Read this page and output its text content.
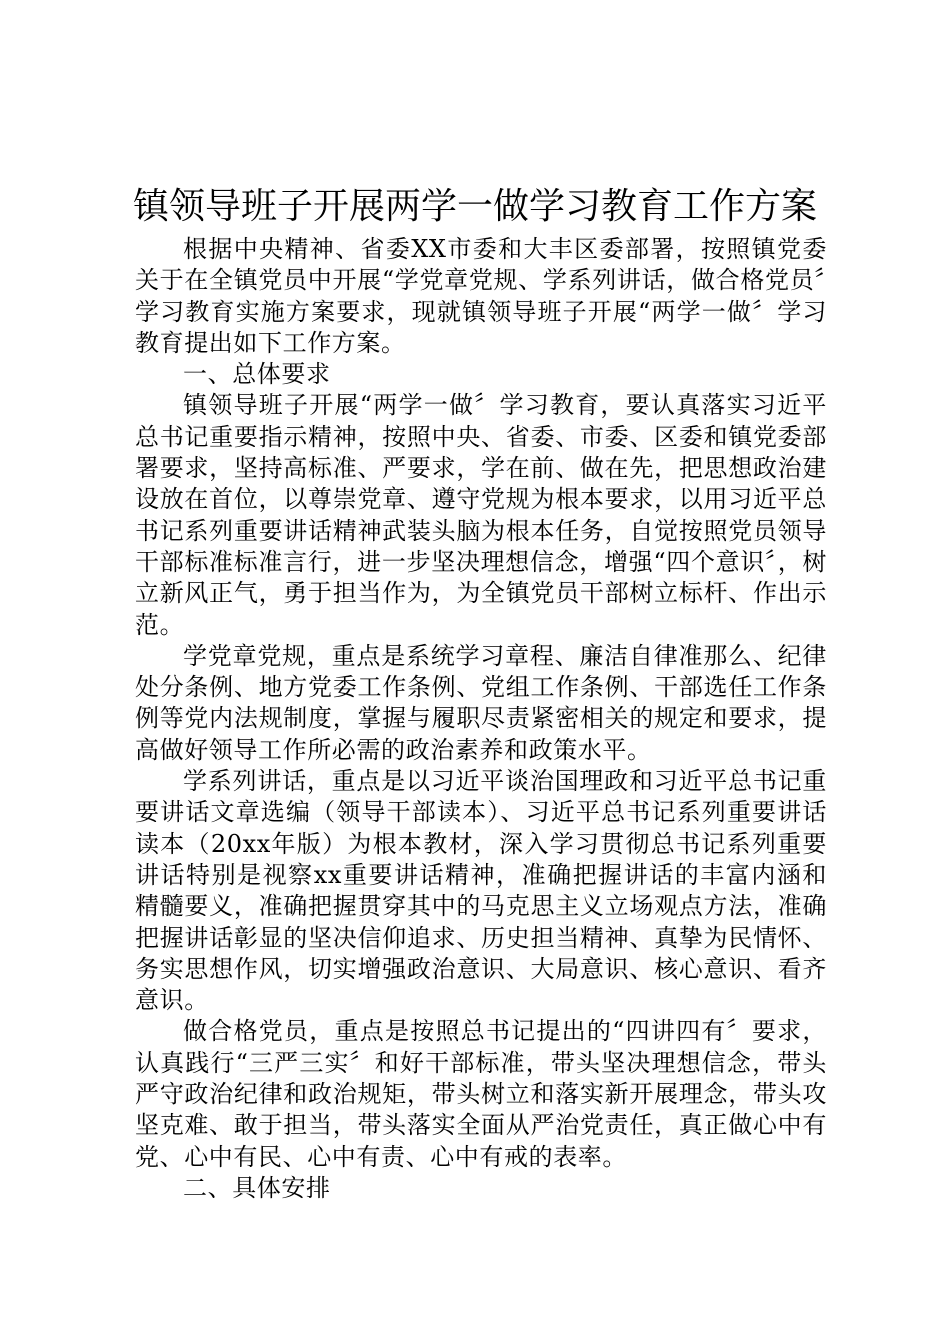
镇领导班子开展两学一做学习教育工作方案

根据中央精神、省委XX市委和大丰区委部署，按照镇党委关于在全镇党员中开展“学党章党规、学系列讲话，做合格党员〞学习教育实施方案要求，现就镇领导班子开展“两学一做〞学习教育提出如下工作方案。

一、总体要求

镇领导班子开展“两学一做〞学习教育，要认真落实习近平总书记重要指示精神，按照中央、省委、市委、区委和镇党委部署要求，坚持高标准、严要求，学在前、做在先，把思想政治建设放在首位，以尊崇党章、遵守党规为根本要求，以用习近平总书记系列重要讲话精神武装头脑为根本任务，自觉按照党员领导干部标准标准言行，进一步坚决理想信念，增强“四个意识〞，树立新风正气，勇于担当作为，为全镇党员干部树立标杆、作出示范。

学党章党规，重点是系统学习章程、廉洁自律准那么、纪律处分条例、地方党委工作条例、党组工作条例、干部选任工作条例等党内法规制度，掌握与履职尽责紧密相关的规定和要求，提高做好领导工作所必需的政治素养和政策水平。

学系列讲话，重点是以习近平谈治国理政和习近平总书记重要讲话文章选编（领导干部读本）、习近平总书记系列重要讲话读本（20xx年版）为根本教材，深入学习贯彻总书记系列重要讲话特别是视察xx重要讲话精神，准确把握讲话的丰富内涵和精髓要义，准确把握贯穿其中的马克思主义立场观点方法，准确把握讲话彰显的坚决信仰追求、历史担当精神、真挚为民情怀、务实思想作风，切实增强政治意识、大局意识、核心意识、看齐意识。

做合格党员，重点是按照总书记提出的“四讲四有〞要求，认真践行“三严三实〞和好干部标准，带头坚决理想信念，带头严守政治纪律和政治规矩，带头树立和落实新开展理念，带头攻坚克难、敢于担当，带头落实全面从严治党责任，真正做心中有党、心中有民、心中有责、心中有戒的表率。

二、具体安排
